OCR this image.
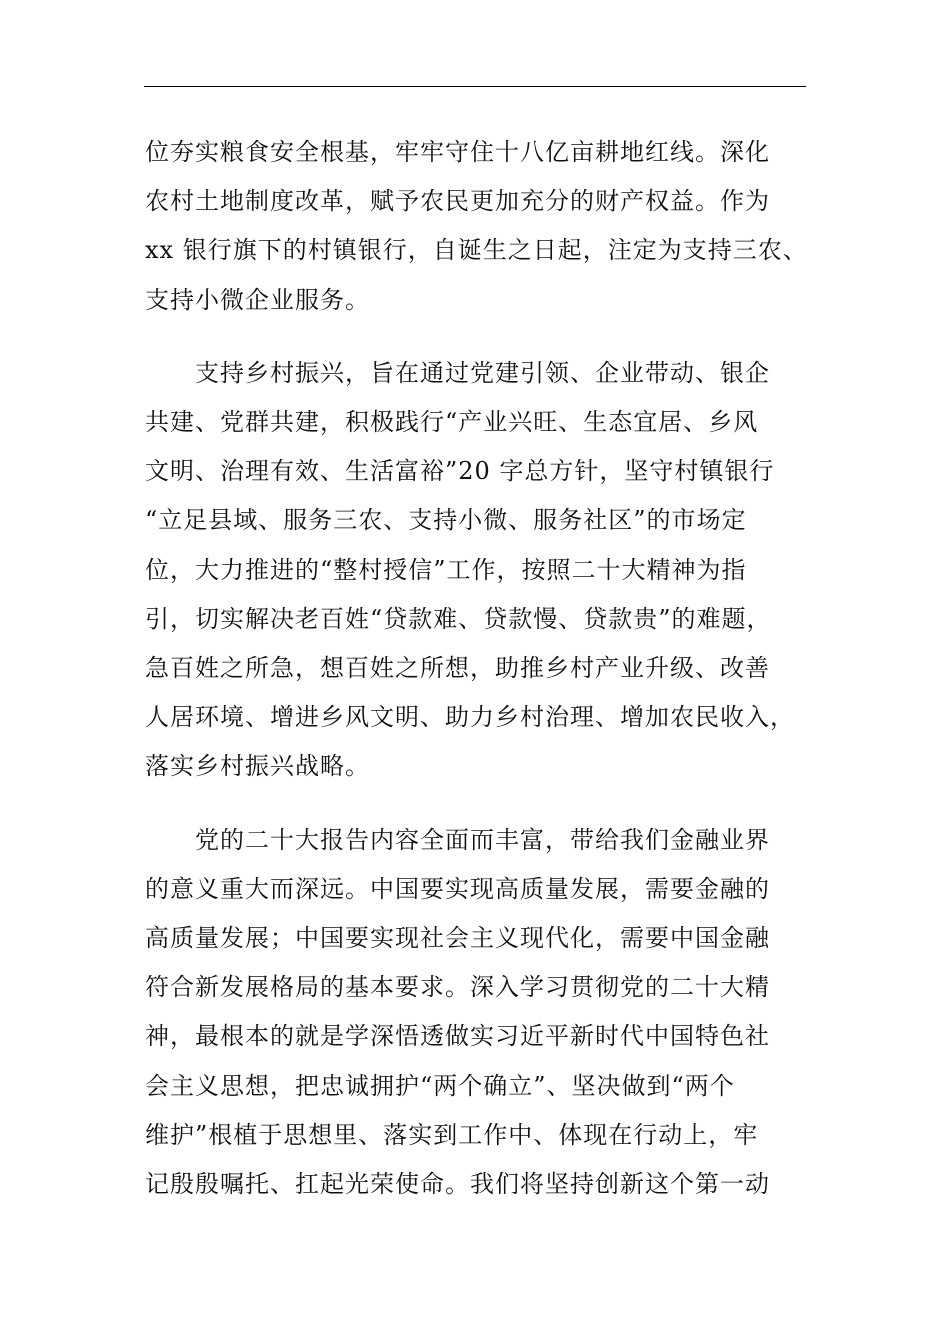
位夯实粮食安全根基，牢牢守住十八亿亩耕地红线。深化
农村土地制度改革，赋予农民更加充分的财产权益。作为
xx 银行旗下的村镇银行，自诞生之日起，注定为支持三农、
支持小微企业服务。

支持乡村振兴，旨在通过党建引领、企业带动、银企
共建、党群共建，积极践行“产业兴旺、生态宜居、乡风
文明、治理有效、生活富裕”20 字总方针，坚守村镇银行
“立足县域、服务三农、支持小微、服务社区”的市场定
位，大力推进的“整村授信”工作，按照二十大精神为指
引，切实解决老百姓“贷款难、贷款慢、贷款贵”的难题，
急百姓之所急，想百姓之所想，助推乡村产业升级、改善
人居环境、增进乡风文明、助力乡村治理、增加农民收入，
落实乡村振兴战略。

党的二十大报告内容全面而丰富，带给我们金融业界
的意义重大而深远。中国要实现高质量发展，需要金融的
高质量发展；中国要实现社会主义现代化，需要中国金融
符合新发展格局的基本要求。深入学习贯彻党的二十大精
神，最根本的就是学深悟透做实习近平新时代中国特色社
会主义思想，把忠诚拥护“两个确立”、坚决做到“两个
维护”根植于思想里、落实到工作中、体现在行动上，牢
记殷殷嘱托、扛起光荣使命。我们将坚持创新这个第一动
